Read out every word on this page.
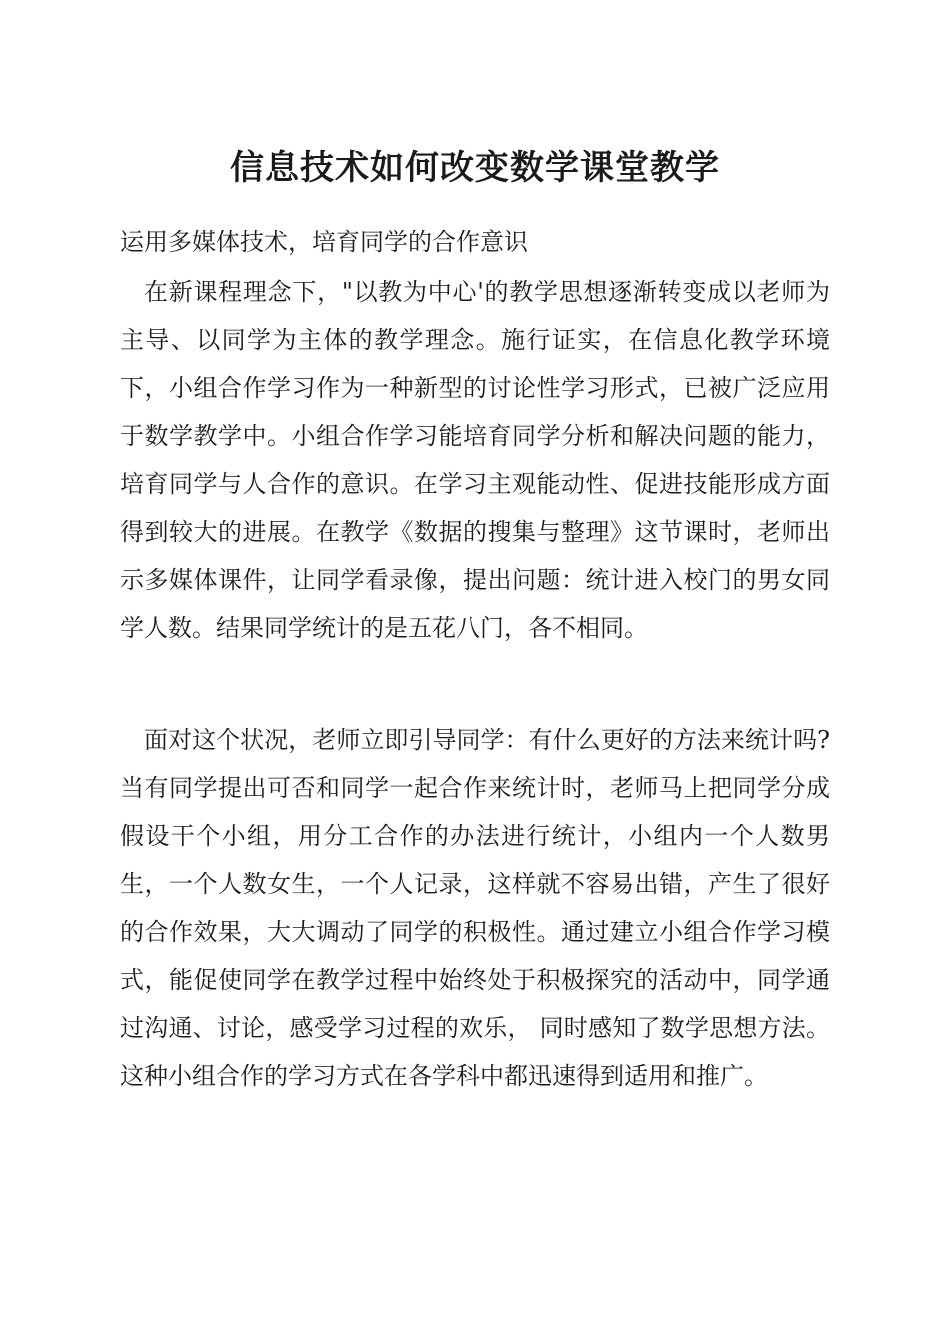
信息技术如何改变数学课堂教学

运用多媒体技术，培育同学的合作意识

在新课程理念下，"以教为中心'的教学思想逐渐转变成以老师为主导、以同学为主体的教学理念。施行证实，在信息化教学环境下，小组合作学习作为一种新型的讨论性学习形式，已被广泛应用于数学教学中。小组合作学习能培育同学分析和解决问题的能力，培育同学与人合作的意识。在学习主观能动性、促进技能形成方面得到较大的进展。在教学《数据的搜集与整理》这节课时，老师出示多媒体课件，让同学看录像，提出问题：统计进入校门的男女同学人数。结果同学统计的是五花八门，各不相同。

面对这个状况，老师立即引导同学：有什么更好的方法来统计吗?当有同学提出可否和同学一起合作来统计时，老师马上把同学分成假设干个小组，用分工合作的办法进行统计，小组内一个人数男生，一个人数女生，一个人记录，这样就不容易出错，产生了很好的合作效果，大大调动了同学的积极性。通过建立小组合作学习模式，能促使同学在教学过程中始终处于积极探究的活动中，同学通过沟通、讨论，感受学习过程的欢乐， 同时感知了数学思想方法。这种小组合作的学习方式在各学科中都迅速得到适用和推广。
